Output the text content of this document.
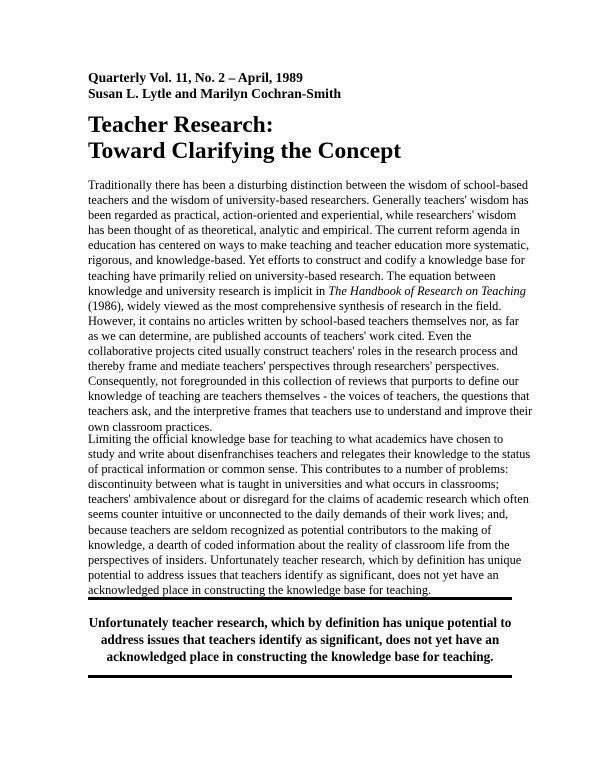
Quarterly Vol. 11, No. 2 – April, 1989
Susan L. Lytle and Marilyn Cochran-Smith
Teacher Research:
Toward Clarifying the Concept
Traditionally there has been a disturbing distinction between the wisdom of school-based
teachers and the wisdom of university-based researchers. Generally teachers' wisdom has
been regarded as practical, action-oriented and experiential, while researchers' wisdom
has been thought of as theoretical, analytic and empirical. The current reform agenda in
education has centered on ways to make teaching and teacher education more systematic,
rigorous, and knowledge-based. Yet efforts to construct and codify a knowledge base for
teaching have primarily relied on university-based research. The equation between
knowledge and university research is implicit in The Handbook of Research on Teaching
(1986), widely viewed as the most comprehensive synthesis of research in the field.
However, it contains no articles written by school-based teachers themselves nor, as far
as we can determine, are published accounts of teachers' work cited. Even the
collaborative projects cited usually construct teachers' roles in the research process and
thereby frame and mediate teachers' perspectives through researchers' perspectives.
Consequently, not foregrounded in this collection of reviews that purports to define our
knowledge of teaching are teachers themselves - the voices of teachers, the questions that
teachers ask, and the interpretive frames that teachers use to understand and improve their
own classroom practices.
Limiting the official knowledge base for teaching to what academics have chosen to
study and write about disenfranchises teachers and relegates their knowledge to the status
of practical information or common sense. This contributes to a number of problems:
discontinuity between what is taught in universities and what occurs in classrooms;
teachers' ambivalence about or disregard for the claims of academic research which often
seems counter intuitive or unconnected to the daily demands of their work lives; and,
because teachers are seldom recognized as potential contributors to the making of
knowledge, a dearth of coded information about the reality of classroom life from the
perspectives of insiders. Unfortunately teacher research, which by definition has unique
potential to address issues that teachers identify as significant, does not yet have an
acknowledged place in constructing the knowledge base for teaching.
Unfortunately teacher research, which by definition has unique potential to
address issues that teachers identify as significant, does not yet have an
acknowledged place in constructing the knowledge base for teaching.
